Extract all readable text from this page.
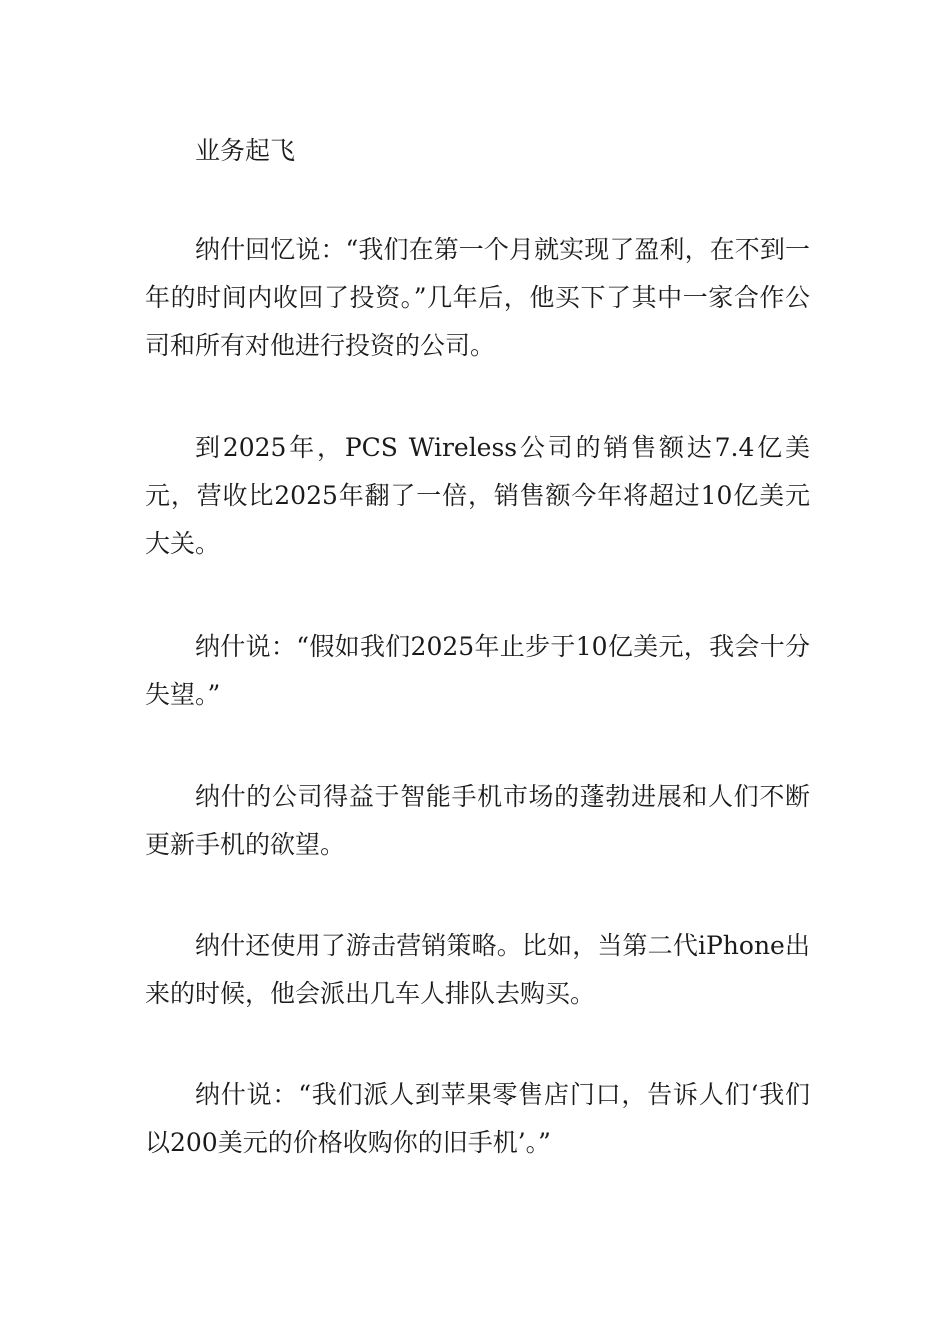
业务起飞

纳什回忆说：“我们在第一个月就实现了盈利，在不到一年的时间内收回了投资。”几年后，他买下了其中一家合作公司和所有对他进行投资的公司。

到2025年，PCS Wireless公司的销售额达7.4亿美元，营收比2025年翻了一倍，销售额今年将超过10亿美元大关。

纳什说：“假如我们2025年止步于10亿美元，我会十分失望。”

纳什的公司得益于智能手机市场的蓬勃进展和人们不断更新手机的欲望。

纳什还使用了游击营销策略。比如，当第二代iPhone出来的时候，他会派出几车人排队去购买。

纳什说：“我们派人到苹果零售店门口，告诉人们‘我们以200美元的价格收购你的旧手机’。”
